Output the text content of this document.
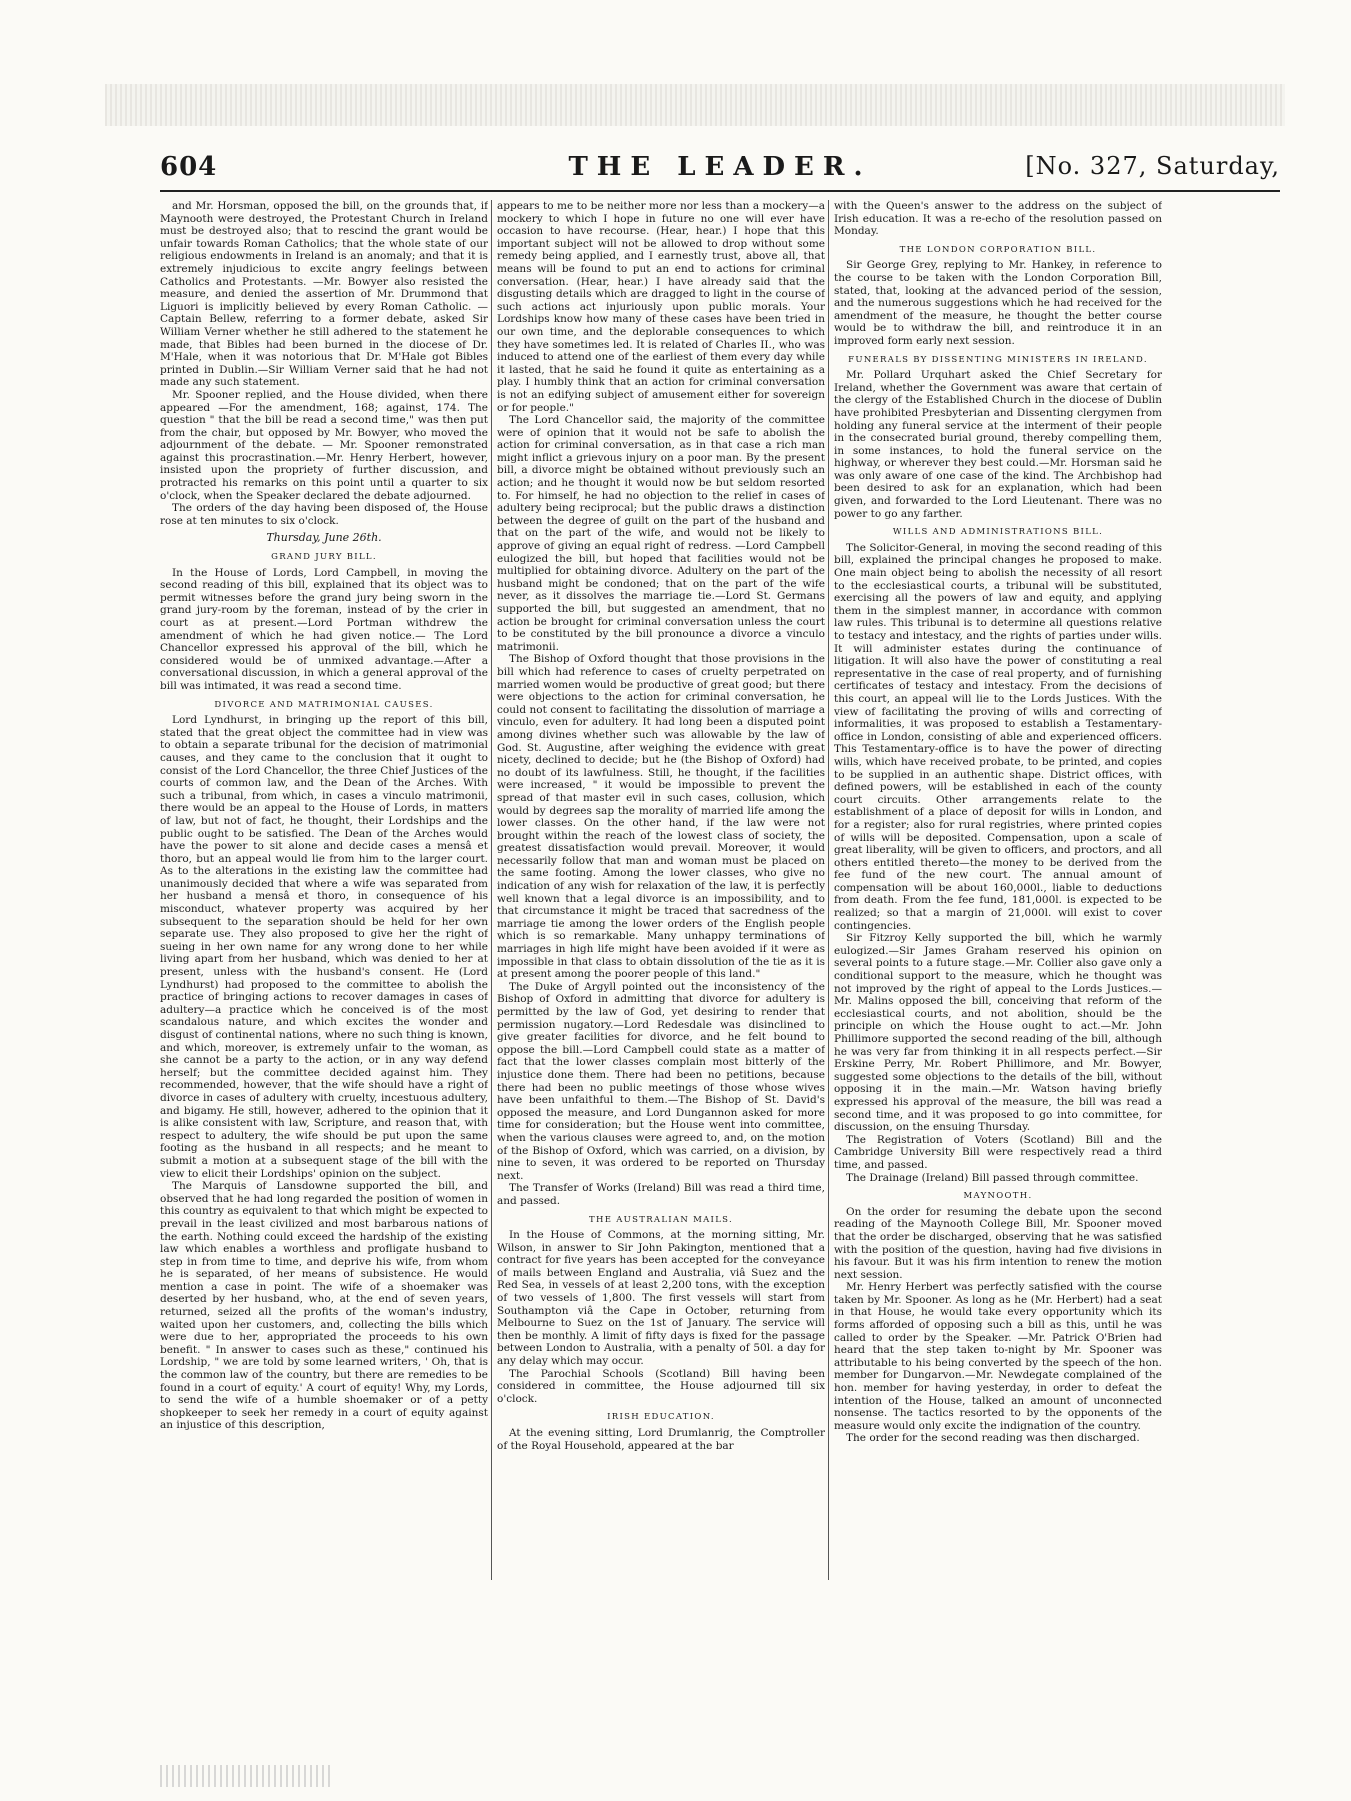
604	THE LEADER.	[No. 327, Saturday,

and Mr. Horsman, opposed the bill, on the grounds that, if Maynooth were destroyed, the Protestant Church in Ireland must be destroyed also; that to rescind the grant would be unfair towards Roman Catholics; that the whole state of our religious endowments in Ireland is an anomaly; and that it is extremely injudicious to excite angry feelings between Catholics and Protestants. —Mr. Bowyer also resisted the measure, and denied the assertion of Mr. Drummond that Liguori is implicitly believed by every Roman Catholic. — Captain Bellew, referring to a former debate, asked Sir William Verner whether he still adhered to the statement he made, that Bibles had been burned in the diocese of Dr. M'Hale, when it was notorious that Dr. M'Hale got Bibles printed in Dublin.—Sir William Verner said that he had not made any such statement.

Mr. Spooner replied, and the House divided, when there appeared —For the amendment, 168; against, 174. The question " that the bill be read a second time," was then put from the chair, but opposed by Mr. Bowyer, who moved the adjournment of the debate. — Mr. Spooner remonstrated against this procrastination.—Mr. Henry Herbert, however, insisted upon the propriety of further discussion, and protracted his remarks on this point until a quarter to six o'clock, when the Speaker declared the debate adjourned.

The orders of the day having been disposed of, the House rose at ten minutes to six o'clock.

Thursday, June 26th.
GRAND JURY BILL.

In the House of Lords, Lord Campbell, in moving the second reading of this bill, explained that its object was to permit witnesses before the grand jury being sworn in the grand jury-room by the foreman, instead of by the crier in court as at present.—Lord Portman withdrew the amendment of which he had given notice.— The Lord Chancellor expressed his approval of the bill, which he considered would be of unmixed advantage.—After a conversational discussion, in which a general approval of the bill was intimated, it was read a second time.

DIVORCE AND MATRIMONIAL CAUSES.

Lord Lyndhurst, in bringing up the report of this bill, stated that the great object the committee had in view was to obtain a separate tribunal for the decision of matrimonial causes, and they came to the conclusion that it ought to consist of the Lord Chancellor, the three Chief Justices of the courts of common law, and the Dean of the Arches. With such a tribunal, from which, in cases a vinculo matrimonii, there would be an appeal to the House of Lords, in matters of law, but not of fact, he thought, their Lordships and the public ought to be satisfied. The Dean of the Arches would have the power to sit alone and decide cases a mensâ et thoro, but an appeal would lie from him to the larger court. As to the alterations in the existing law the committee had unanimously decided that where a wife was separated from her husband a mensâ et thoro, in consequence of his misconduct, whatever property was acquired by her subsequent to the separation should be held for her own separate use. They also proposed to give her the right of sueing in her own name for any wrong done to her while living apart from her husband, which was denied to her at present, unless with the husband's consent. He (Lord Lyndhurst) had proposed to the committee to abolish the practice of bringing actions to recover damages in cases of adultery—a practice which he conceived is of the most scandalous nature, and which excites the wonder and disgust of continental nations, where no such thing is known, and which, moreover, is extremely unfair to the woman, as she cannot be a party to the action, or in any way defend herself; but the committee decided against him. They recommended, however, that the wife should have a right of divorce in cases of adultery with cruelty, incestuous adultery, and bigamy. He still, however, adhered to the opinion that it is alike consistent with law, Scripture, and reason that, with respect to adultery, the wife should be put upon the same footing as the husband in all respects; and he meant to submit a motion at a subsequent stage of the bill with the view to elicit their Lordships' opinion on the subject.

The Marquis of Lansdowne supported the bill, and observed that he had long regarded the position of women in this country as equivalent to that which might be expected to prevail in the least civilized and most barbarous nations of the earth. Nothing could exceed the hardship of the existing law which enables a worthless and profligate husband to step in from time to time, and deprive his wife, from whom he is separated, of her means of subsistence. He would mention a case in point. The wife of a shoemaker was deserted by her husband, who, at the end of seven years, returned, seized all the profits of the woman's industry, waited upon her customers, and, collecting the bills which were due to her, appropriated the proceeds to his own benefit. " In answer to cases such as these," continued his Lordship, " we are told by some learned writers, ' Oh, that is the common law of the country, but there are remedies to be found in a court of equity.' A court of equity! Why, my Lords, to send the wife of a humble shoemaker or of a petty shopkeeper to seek her remedy in a court of equity against an injustice of this description,

appears to me to be neither more nor less than a mockery—a mockery to which I hope in future no one will ever have occasion to have recourse. (Hear, hear.) I hope that this important subject will not be allowed to drop without some remedy being applied, and I earnestly trust, above all, that means will be found to put an end to actions for criminal conversation. (Hear, hear.) I have already said that the disgusting details which are dragged to light in the course of such actions act injuriously upon public morals. Your Lordships know how many of these cases have been tried in our own time, and the deplorable consequences to which they have sometimes led. It is related of Charles II., who was induced to attend one of the earliest of them every day while it lasted, that he said he found it quite as entertaining as a play. I humbly think that an action for criminal conversation is not an edifying subject of amusement either for sovereign or for people."

The Lord Chancellor said, the majority of the committee were of opinion that it would not be safe to abolish the action for criminal conversation, as in that case a rich man might inflict a grievous injury on a poor man. By the present bill, a divorce might be obtained without previously such an action; and he thought it would now be but seldom resorted to. For himself, he had no objection to the relief in cases of adultery being reciprocal; but the public draws a distinction between the degree of guilt on the part of the husband and that on the part of the wife, and would not be likely to approve of giving an equal right of redress. —Lord Campbell eulogized the bill, but hoped that facilities would not be multiplied for obtaining divorce. Adultery on the part of the husband might be condoned; that on the part of the wife never, as it dissolves the marriage tie.—Lord St. Germans supported the bill, but suggested an amendment, that no action be brought for criminal conversation unless the court to be constituted by the bill pronounce a divorce a vinculo matrimonii.

The Bishop of Oxford thought that those provisions in the bill which had reference to cases of cruelty perpetrated on married women would be productive of great good; but there were objections to the action for criminal conversation, he could not consent to facilitating the dissolution of marriage a vinculo, even for adultery. It had long been a disputed point among divines whether such was allowable by the law of God. St. Augustine, after weighing the evidence with great nicety, declined to decide; but he (the Bishop of Oxford) had no doubt of its lawfulness. Still, he thought, if the facilities were increased, " it would be impossible to prevent the spread of that master evil in such cases, collusion, which would by degrees sap the morality of married life among the lower classes. On the other hand, if the law were not brought within the reach of the lowest class of society, the greatest dissatisfaction would prevail. Moreover, it would necessarily follow that man and woman must be placed on the same footing. Among the lower classes, who give no indication of any wish for relaxation of the law, it is perfectly well known that a legal divorce is an impossibility, and to that circumstance it might be traced that sacredness of the marriage tie among the lower orders of the English people which is so remarkable. Many unhappy terminations of marriages in high life might have been avoided if it were as impossible in that class to obtain dissolution of the tie as it is at present among the poorer people of this land."

The Duke of Argyll pointed out the inconsistency of the Bishop of Oxford in admitting that divorce for adultery is permitted by the law of God, yet desiring to render that permission nugatory.—Lord Redesdale was disinclined to give greater facilities for divorce, and he felt bound to oppose the bill.—Lord Campbell could state as a matter of fact that the lower classes complain most bitterly of the injustice done them. There had been no petitions, because there had been no public meetings of those whose wives have been unfaithful to them.—The Bishop of St. David's opposed the measure, and Lord Dungannon asked for more time for consideration; but the House went into committee, when the various clauses were agreed to, and, on the motion of the Bishop of Oxford, which was carried, on a division, by nine to seven, it was ordered to be reported on Thursday next.

The Transfer of Works (Ireland) Bill was read a third time, and passed.

THE AUSTRALIAN MAILS.

In the House of Commons, at the morning sitting, Mr. Wilson, in answer to Sir John Pakington, mentioned that a contract for five years has been accepted for the conveyance of mails between England and Australia, viâ Suez and the Red Sea, in vessels of at least 2,200 tons, with the exception of two vessels of 1,800. The first vessels will start from Southampton viâ the Cape in October, returning from Melbourne to Suez on the 1st of January. The service will then be monthly. A limit of fifty days is fixed for the passage between London to Australia, with a penalty of 50l. a day for any delay which may occur.

The Parochial Schools (Scotland) Bill having been considered in committee, the House adjourned till six o'clock.

IRISH EDUCATION.

At the evening sitting, Lord Drumlanrig, the Comptroller of the Royal Household, appeared at the bar

with the Queen's answer to the address on the subject of Irish education. It was a re-echo of the resolution passed on Monday.

THE LONDON CORPORATION BILL.

Sir George Grey, replying to Mr. Hankey, in reference to the course to be taken with the London Corporation Bill, stated, that, looking at the advanced period of the session, and the numerous suggestions which he had received for the amendment of the measure, he thought the better course would be to withdraw the bill, and reintroduce it in an improved form early next session.

FUNERALS BY DISSENTING MINISTERS IN IRELAND.

Mr. Pollard Urquhart asked the Chief Secretary for Ireland, whether the Government was aware that certain of the clergy of the Established Church in the diocese of Dublin have prohibited Presbyterian and Dissenting clergymen from holding any funeral service at the interment of their people in the consecrated burial ground, thereby compelling them, in some instances, to hold the funeral service on the highway, or wherever they best could.—Mr. Horsman said he was only aware of one case of the kind. The Archbishop had been desired to ask for an explanation, which had been given, and forwarded to the Lord Lieutenant. There was no power to go any farther.

WILLS AND ADMINISTRATIONS BILL.

The Solicitor-General, in moving the second reading of this bill, explained the principal changes he proposed to make. One main object being to abolish the necessity of all resort to the ecclesiastical courts, a tribunal will be substituted, exercising all the powers of law and equity, and applying them in the simplest manner, in accordance with common law rules. This tribunal is to determine all questions relative to testacy and intestacy, and the rights of parties under wills. It will administer estates during the continuance of litigation. It will also have the power of constituting a real representative in the case of real property, and of furnishing certificates of testacy and intestacy. From the decisions of this court, an appeal will lie to the Lords Justices. With the view of facilitating the proving of wills and correcting of informalities, it was proposed to establish a Testamentary-office in London, consisting of able and experienced officers. This Testamentary-office is to have the power of directing wills, which have received probate, to be printed, and copies to be supplied in an authentic shape. District offices, with defined powers, will be established in each of the county court circuits. Other arrangements relate to the establishment of a place of deposit for wills in London, and for a register; also for rural registries, where printed copies of wills will be deposited. Compensation, upon a scale of great liberality, will be given to officers, and proctors, and all others entitled thereto—the money to be derived from the fee fund of the new court. The annual amount of compensation will be about 160,000l., liable to deductions from death. From the fee fund, 181,000l. is expected to be realized; so that a margin of 21,000l. will exist to cover contingencies.

Sir Fitzroy Kelly supported the bill, which he warmly eulogized.—Sir James Graham reserved his opinion on several points to a future stage.—Mr. Collier also gave only a conditional support to the measure, which he thought was not improved by the right of appeal to the Lords Justices.—Mr. Malins opposed the bill, conceiving that reform of the ecclesiastical courts, and not abolition, should be the principle on which the House ought to act.—Mr. John Phillimore supported the second reading of the bill, although he was very far from thinking it in all respects perfect.—Sir Erskine Perry, Mr. Robert Phillimore, and Mr. Bowyer, suggested some objections to the details of the bill, without opposing it in the main.—Mr. Watson having briefly expressed his approval of the measure, the bill was read a second time, and it was proposed to go into committee, for discussion, on the ensuing Thursday.

The Registration of Voters (Scotland) Bill and the Cambridge University Bill were respectively read a third time, and passed.

The Drainage (Ireland) Bill passed through committee.

MAYNOOTH.

On the order for resuming the debate upon the second reading of the Maynooth College Bill, Mr. Spooner moved that the order be discharged, observing that he was satisfied with the position of the question, having had five divisions in his favour. But it was his firm intention to renew the motion next session.

Mr. Henry Herbert was perfectly satisfied with the course taken by Mr. Spooner. As long as he (Mr. Herbert) had a seat in that House, he would take every opportunity which its forms afforded of opposing such a bill as this, until he was called to order by the Speaker. —Mr. Patrick O'Brien had heard that the step taken to-night by Mr. Spooner was attributable to his being converted by the speech of the hon. member for Dungarvon.—Mr. Newdegate complained of the hon. member for having yesterday, in order to defeat the intention of the House, talked an amount of unconnected nonsense. The tactics resorted to by the opponents of the measure would only excite the indignation of the country.

The order for the second reading was then discharged.
